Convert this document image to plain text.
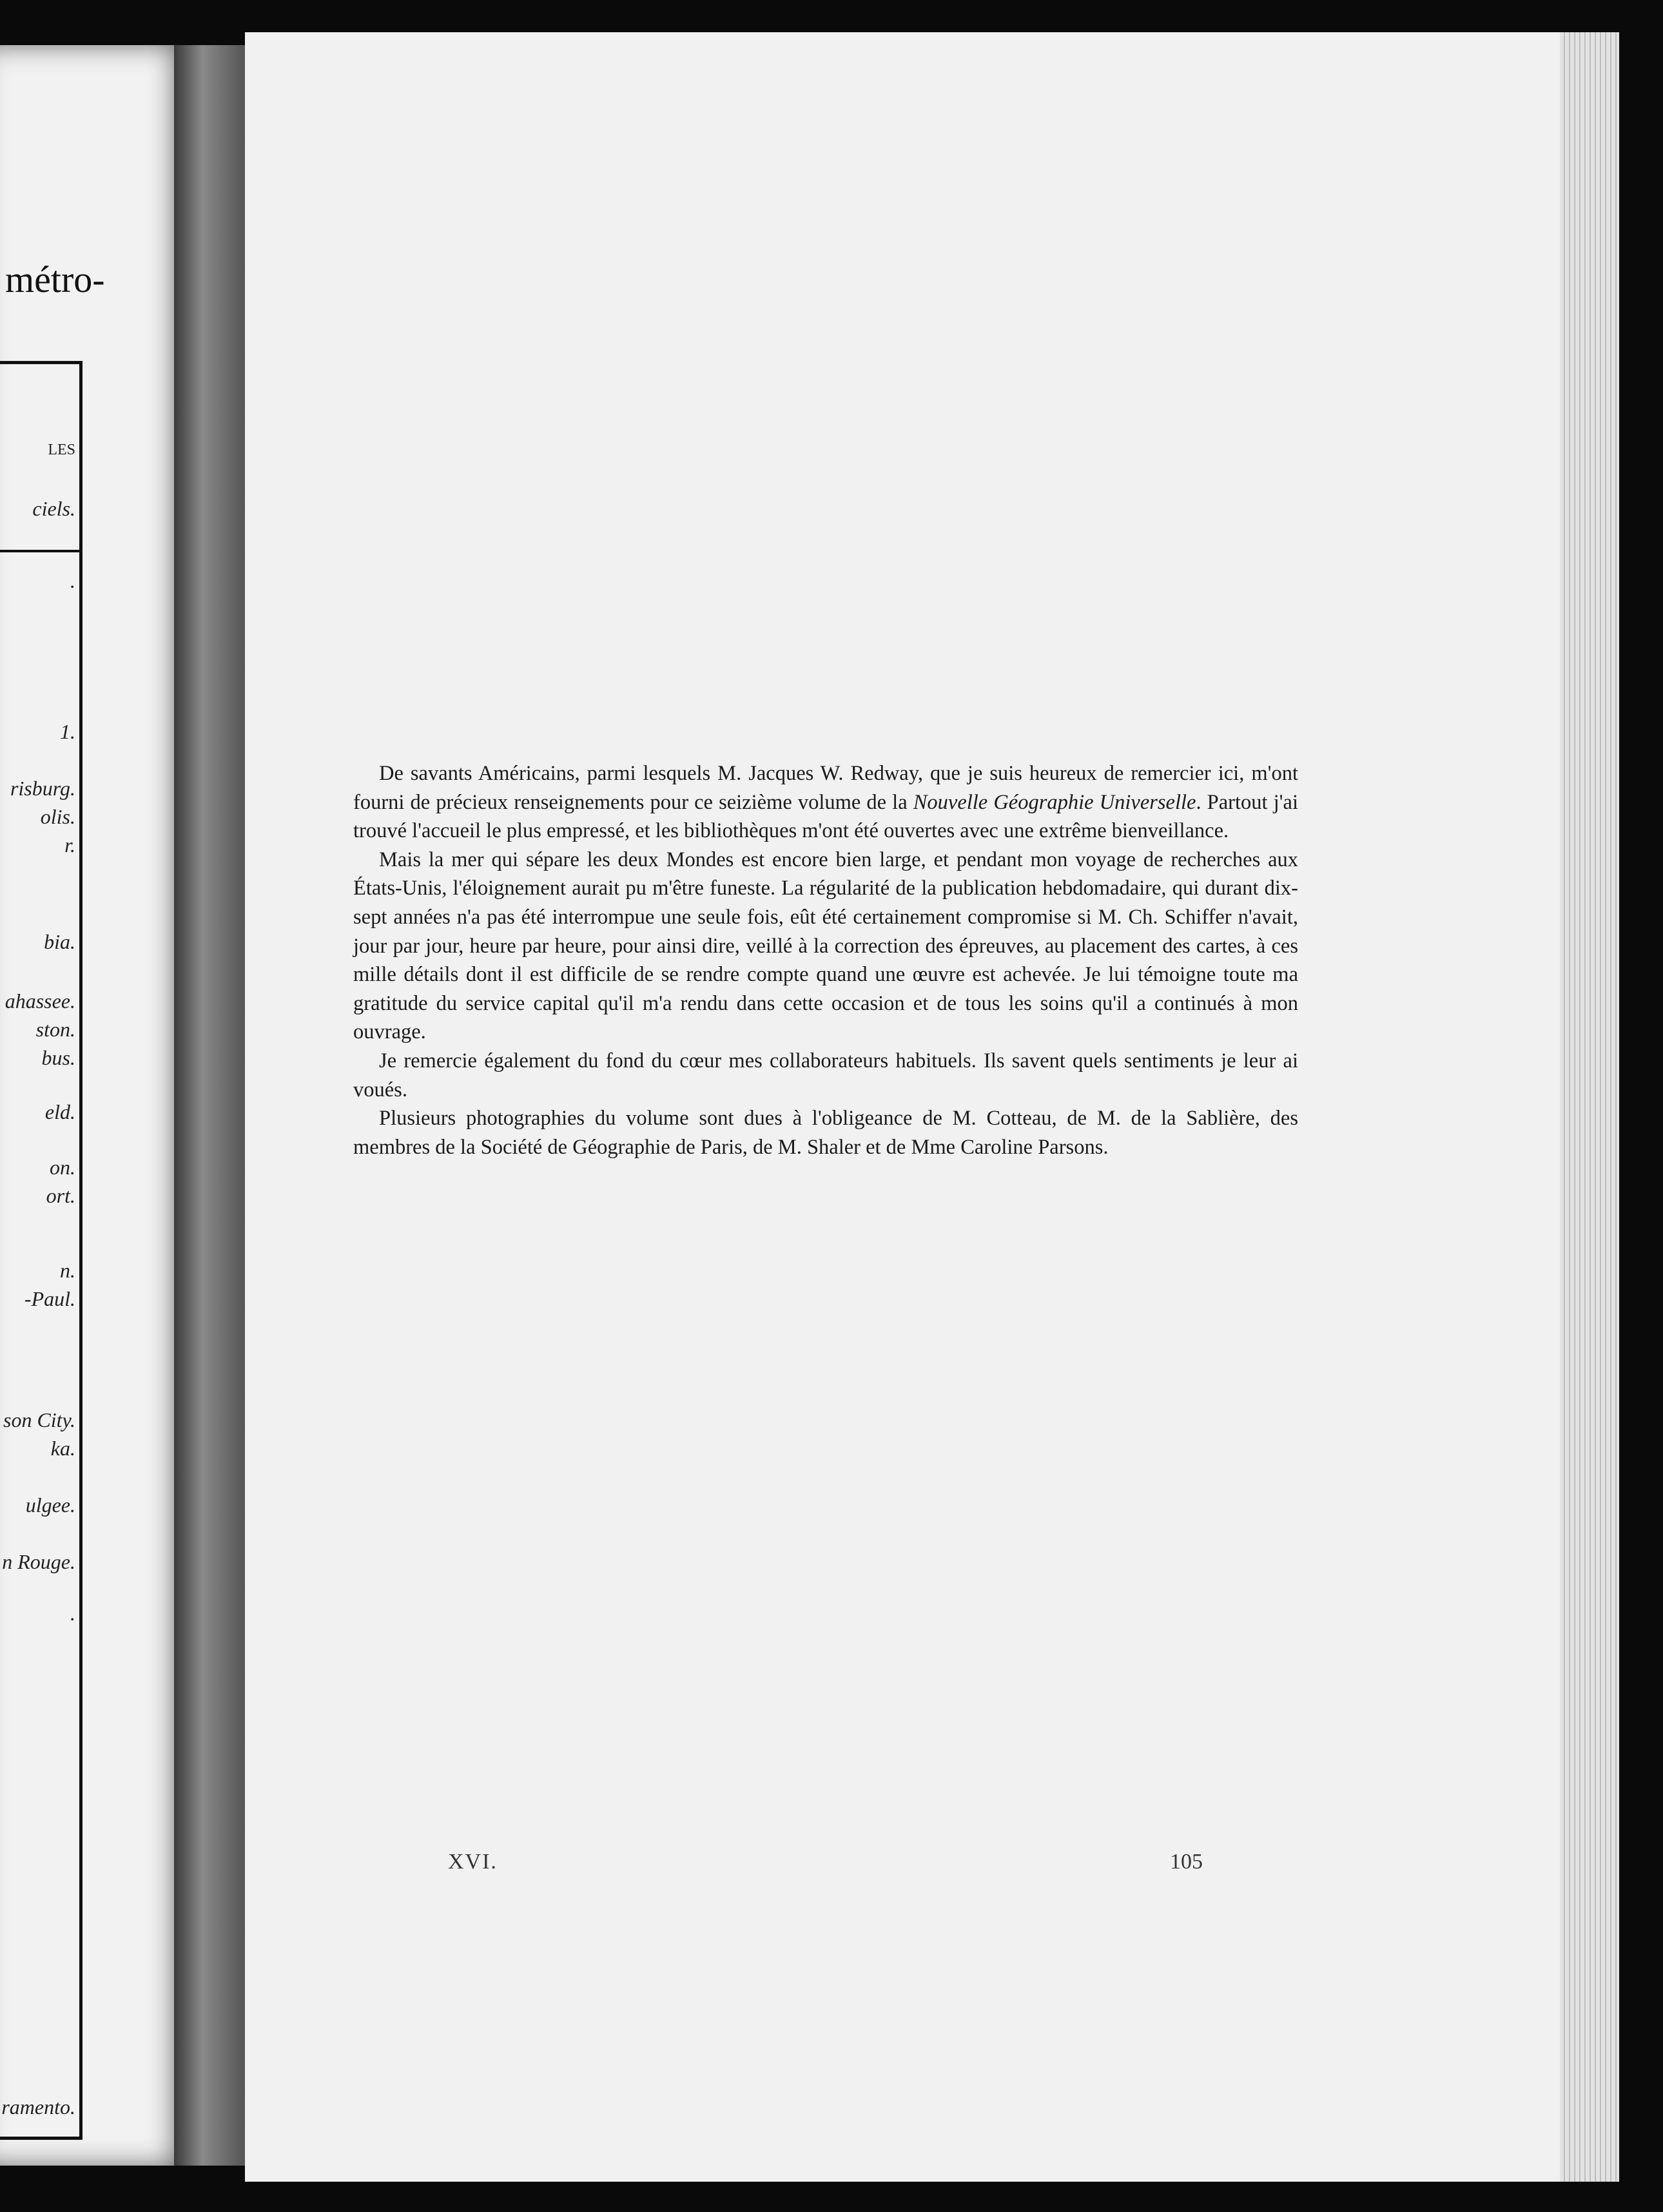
métro-
LES
ciels.
.
1.
risburg.
olis.
r.
bia.
ahassee.
ston.
bus.
eld.
on.
ort.
n.
-Paul.
son City.
ka.
ulgee.
n Rouge.
.
ramento.

De savants Américains, parmi lesquels M. Jacques W. Redway, que je suis heureux de remercier ici, m'ont fourni de précieux renseignements pour ce seizième volume de la Nouvelle Géographie Universelle. Partout j'ai trouvé l'accueil le plus empressé, et les bibliothèques m'ont été ouvertes avec une extrême bienveillance.

Mais la mer qui sépare les deux Mondes est encore bien large, et pendant mon voyage de recherches aux États-Unis, l'éloignement aurait pu m'être funeste. La régularité de la publication hebdomadaire, qui durant dix-sept années n'a pas été interrompue une seule fois, eût été certainement compromise si M. Ch. Schiffer n'avait, jour par jour, heure par heure, pour ainsi dire, veillé à la correction des épreuves, au placement des cartes, à ces mille détails dont il est difficile de se rendre compte quand une œuvre est achevée. Je lui témoigne toute ma gratitude du service capital qu'il m'a rendu dans cette occasion et de tous les soins qu'il a continués à mon ouvrage.

Je remercie également du fond du cœur mes collaborateurs habituels. Ils savent quels sentiments je leur ai voués.

Plusieurs photographies du volume sont dues à l'obligeance de M. Cotteau, de M. de la Sablière, des membres de la Société de Géographie de Paris, de M. Shaler et de Mme Caroline Parsons.

XVI.	105
